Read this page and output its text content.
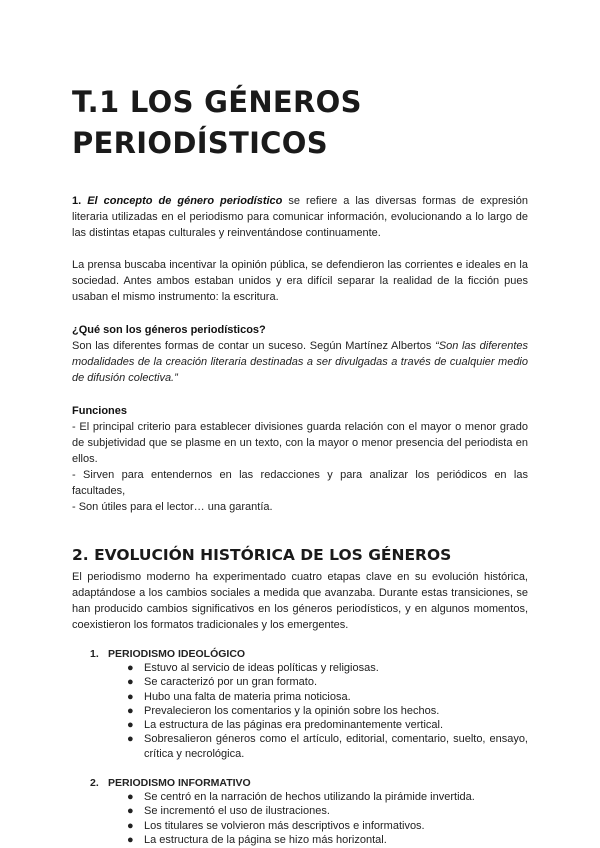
T.1 LOS GÉNEROS PERIODÍSTICOS

1. El concepto de género periodístico se refiere a las diversas formas de expresión literaria utilizadas en el periodismo para comunicar información, evolucionando a lo largo de las distintas etapas culturales y reinventándose continuamente.

La prensa buscaba incentivar la opinión pública, se defendieron las corrientes e ideales en la sociedad. Antes ambos estaban unidos y era difícil separar la realidad de la ficción pues usaban el mismo instrumento: la escritura.

¿Qué son los géneros periodísticos?

Son las diferentes formas de contar un suceso. Según Martínez Albertos “Son las diferentes modalidades de la creación literaria destinadas a ser divulgadas a través de cualquier medio de difusión colectiva.”

Funciones

- El principal criterio para establecer divisiones guarda relación con el mayor o menor grado de subjetividad que se plasme en un texto, con la mayor o menor presencia del periodista en ellos.

- Sirven para entendernos en las redacciones y para analizar los periódicos en las facultades,

- Son útiles para el lector… una garantía.

2. EVOLUCIÓN HISTÓRICA DE LOS GÉNEROS

El periodismo moderno ha experimentado cuatro etapas clave en su evolución histórica, adaptándose a los cambios sociales a medida que avanzaba. Durante estas transiciones, se han producido cambios significativos en los géneros periodísticos, y en algunos momentos, coexistieron los formatos tradicionales y los emergentes.

1. PERIODISMO IDEOLÓGICO
● Estuvo al servicio de ideas políticas y religiosas.
● Se caracterizó por un gran formato.
● Hubo una falta de materia prima noticiosa.
● Prevalecieron los comentarios y la opinión sobre los hechos.
● La estructura de las páginas era predominantemente vertical.
● Sobresalieron géneros como el artículo, editorial, comentario, suelto, ensayo, crítica y necrológica.
2. PERIODISMO INFORMATIVO
● Se centró en la narración de hechos utilizando la pirámide invertida.
● Se incrementó el uso de ilustraciones.
● Los titulares se volvieron más descriptivos e informativos.
● La estructura de la página se hizo más horizontal.
